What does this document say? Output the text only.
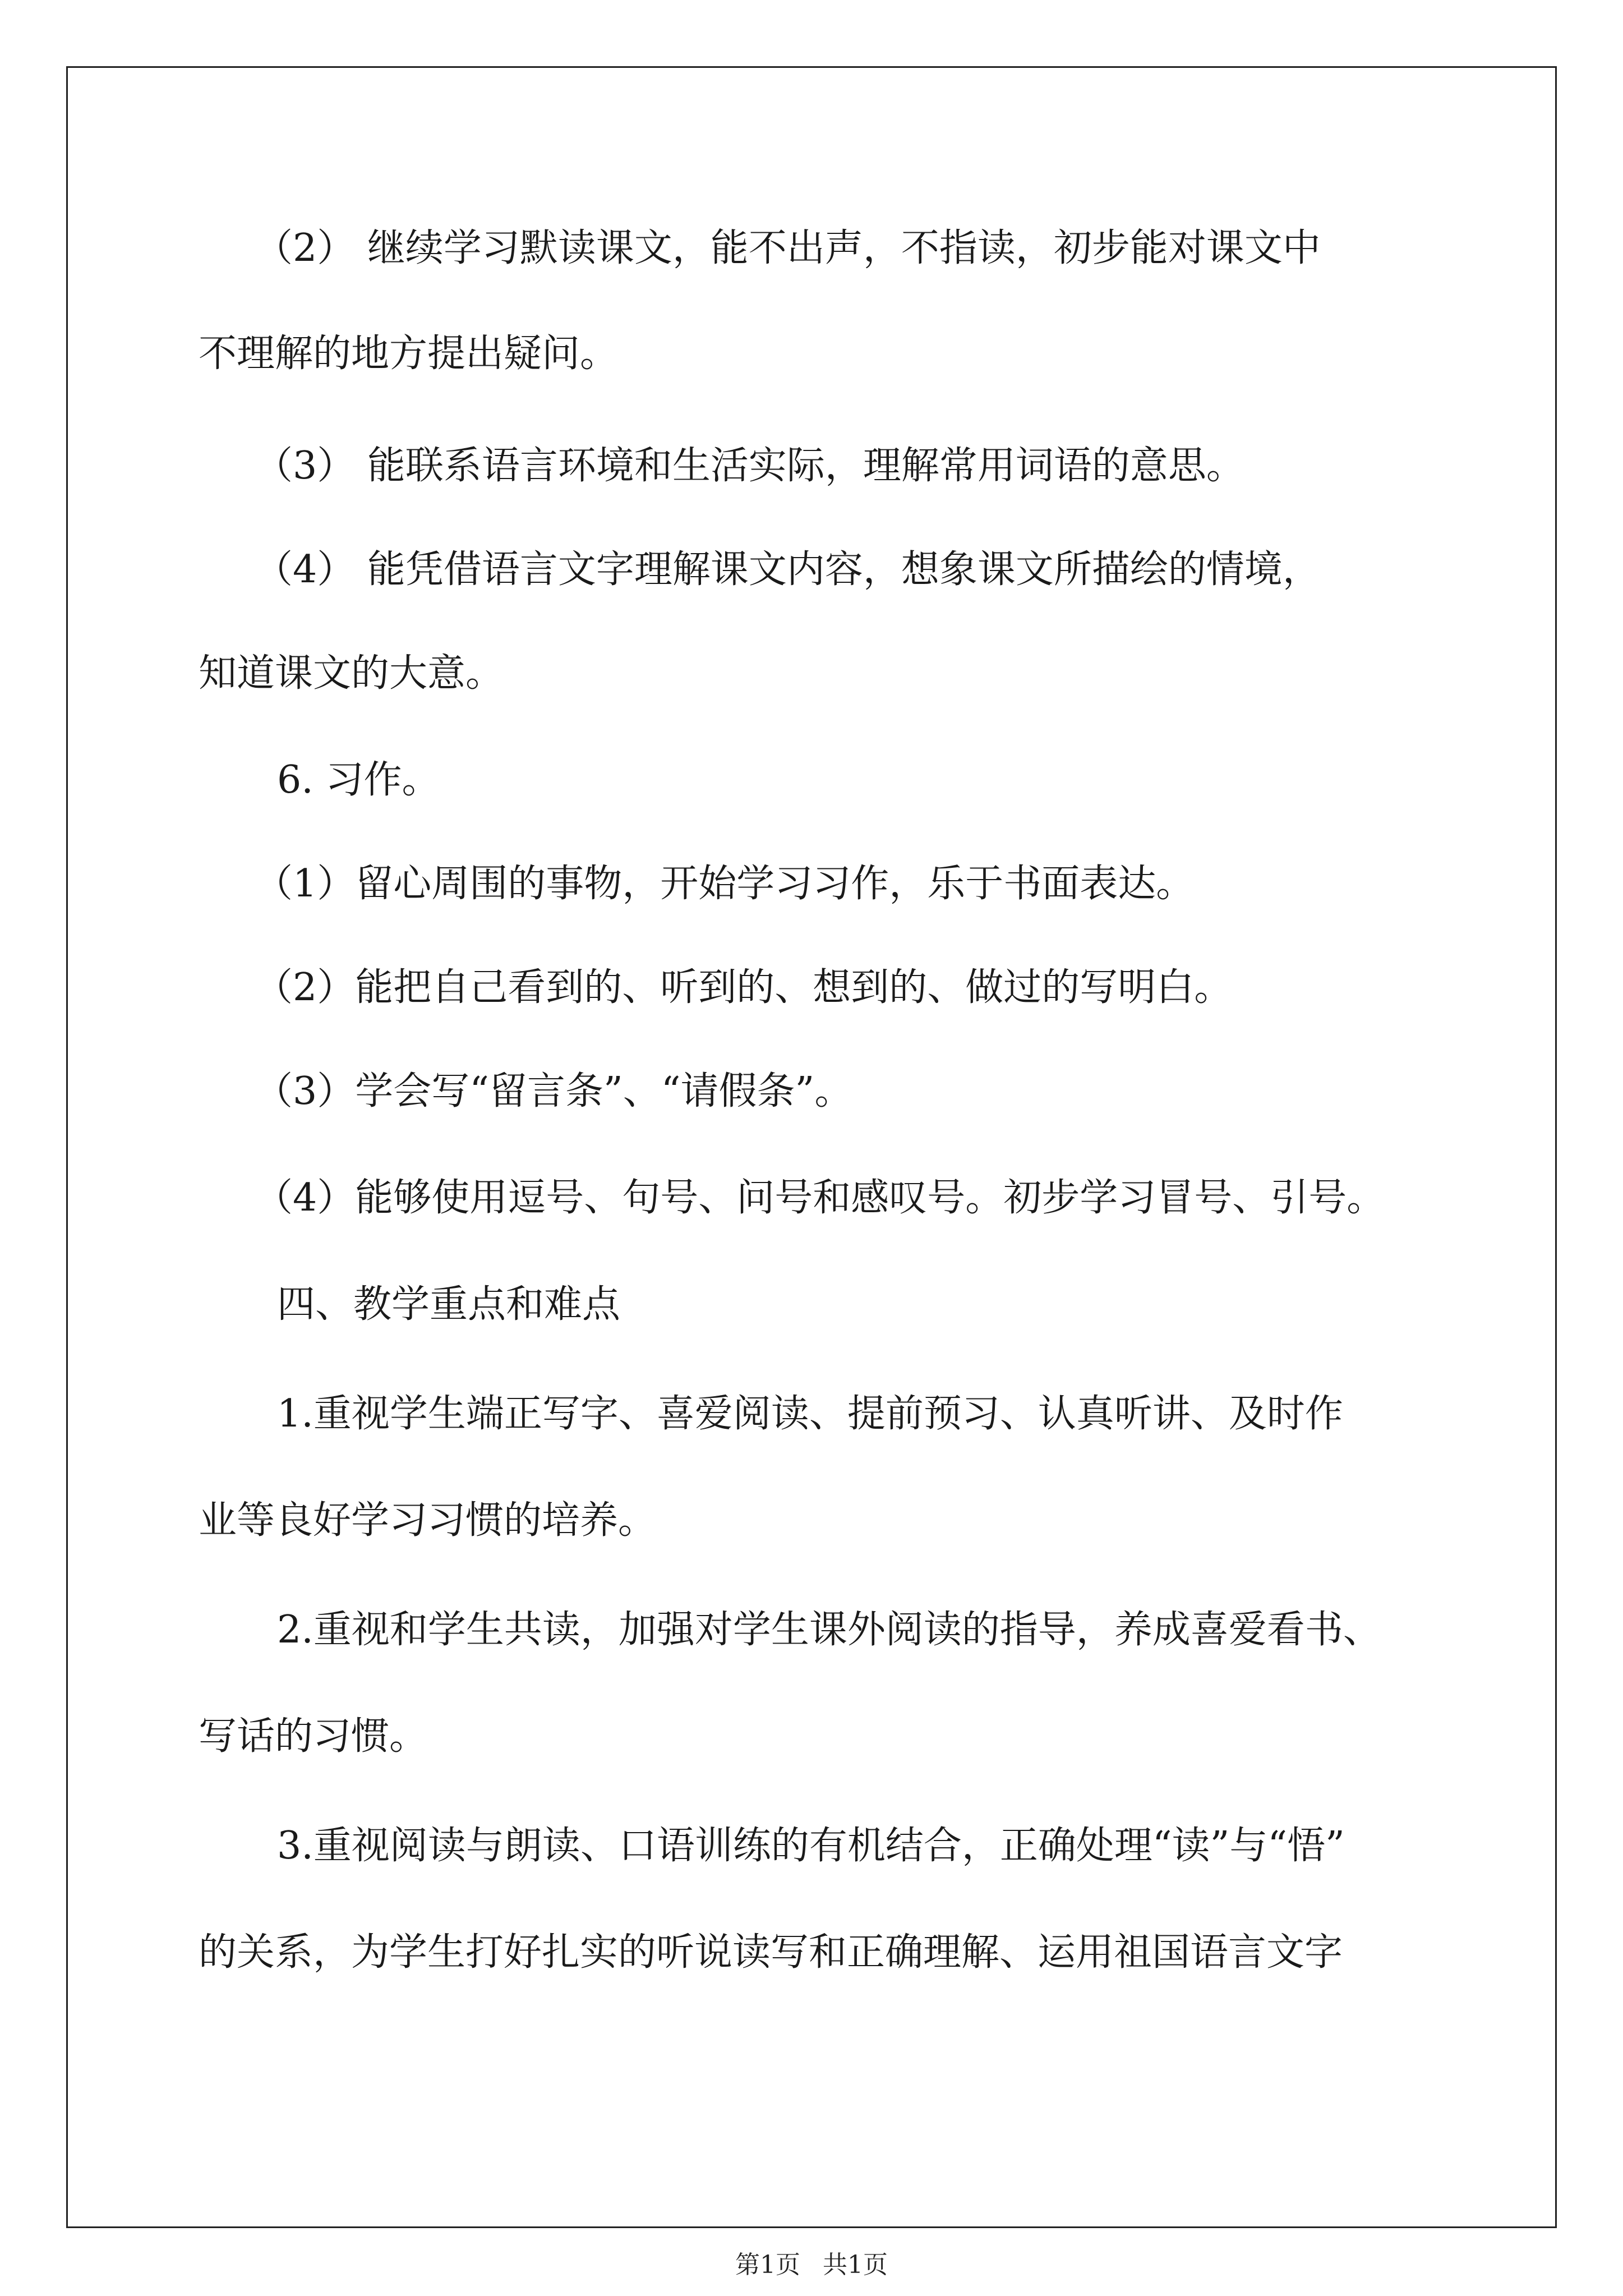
（2） 继续学习默读课文，能不出声，不指读，初步能对课文中
不理解的地方提出疑问。
（3） 能联系语言环境和生活实际，理解常用词语的意思。
（4） 能凭借语言文字理解课文内容，想象课文所描绘的情境，
知道课文的大意。
6. 习作。
（1）留心周围的事物，开始学习习作，乐于书面表达。
（2）能把自己看到的、听到的、想到的、做过的写明白。
（3）学会写“留言条”、“请假条”。
（4）能够使用逗号、句号、问号和感叹号。初步学习冒号、引号。
四、教学重点和难点
1.重视学生端正写字、喜爱阅读、提前预习、认真听讲、及时作
业等良好学习习惯的培养。
2.重视和学生共读，加强对学生课外阅读的指导，养成喜爱看书、
写话的习惯。
3.重视阅读与朗读、口语训练的有机结合，正确处理“读”与“悟”
的关系，为学生打好扎实的听说读写和正确理解、运用祖国语言文字
第1页 共1页
